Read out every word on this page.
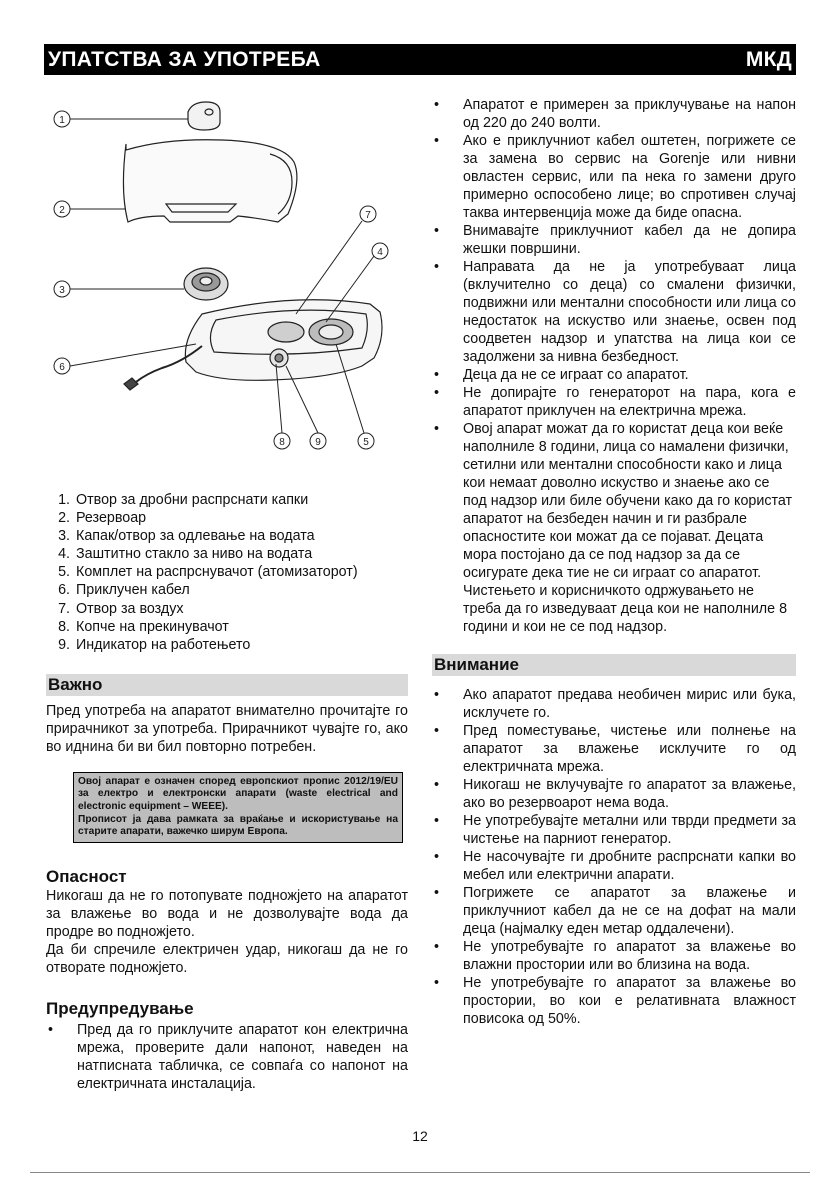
УПАТСТВА ЗА УПОТРЕБА	МКД
1
2
3
4
5
6
7
8	9
1. Отвор за дробни распрснати капки
2. Резервоар
3. Капак/отвор за одлевање на водата
4. Заштитно стакло за ниво на водата
5. Комплет на распрснувачот (атомизаторот)
6. Приклучен кабел
7. Отвор за воздух
8. Копче на прекинувачот
9. Индикатор на работењето
Важно

Пред употреба на апаратот внимателно прочитајте го прирачникот за употреба. Прирачникот чувајте го, ако во иднина би ви бил повторно потребен.

Овој апарат е означен според европскиот пропис 2012/19/EU за електро и електронски апарати (waste electrical and electronic equipment – WEEE).

Прописот ја дава рамката за враќање и искористување на старите апарати, важечко ширум Европа.

Опасност

Никогаш да не го потопувате подножјето на апаратот за влажење во вода и не дозволувајте вода да продре во подножјето.

Да би спречиле електричен удар, никогаш да не го отворате подножјето.

Предупредување
• Пред да го приклучите апаратот кон електрична мрежа, проверите дали напонот, наведен на натписната табличка, се совпаѓа со напонот на електричната инсталација.
• Апаратот е примерен за приклучување на напон од 220 до 240 волти.
• Ако е приклучниот кабел оштетен, погрижете се за замена во сервис на Gorenje или нивни овластен сервис, или па нека го замени друго примерно оспособено лице; во спротивен случај таква интервенција може да биде опасна.
• Внимавајте приклучниот кабел да не допира жешки површини.
• Направата да не ја употребуваат лица (вклучително со деца) со смалени физички, подвижни или ментални способности или лица со недостаток на искуство или знаење, освен под соодветен надзор и упатства на лица кои се задолжени за нивна безбедност.
• Деца да не се играат со апаратот.
• Не допирајте го генераторот на пара, кога е апаратот приклучен на електрична мрежа.
• Овој апарат можат да го користат деца кои веќе наполниле 8 години, лица со намалени физички, сетилни или ментални способности како и лица кои немаат доволно искуство и знаење ако се под надзор или биле обучени како да го користат апаратот на безбеден начин и ги разбрале опасностите кои можат да се појават. Децата мора постојано да се под надзор за да се осигурате дека тие не си играат со апаратот.
Чистењето и корисничкото одржувањето не треба да го изведуваат деца кои не наполниле 8 години и кои не се под надзор.
Внимание
• Ако апаратот предава необичен мирис или бука, исклучете го.
• Пред поместување, чистење или полнење на апаратот за влажење исклучите го од електричната мрежа.
• Никогаш не вклучувајте го апаратот за влажење, ако во резервоарот нема вода.
• Не употребувајте метални или тврди предмети за чистење на парниот генератор.
• Не насочувајте ги дробните распрснати капки во мебел или електрични апарати.
• Погрижете се апаратот за влажење и приклучниот кабел да не се на дофат на мали деца (најмалку еден метар оддалечени).
• Не употребувајте го апаратот за влажење во влажни простории или во близина на вода.
• Не употребувајте го апаратот за влажење во простории, во кои е релативната влажност повисока од 50%.
12
